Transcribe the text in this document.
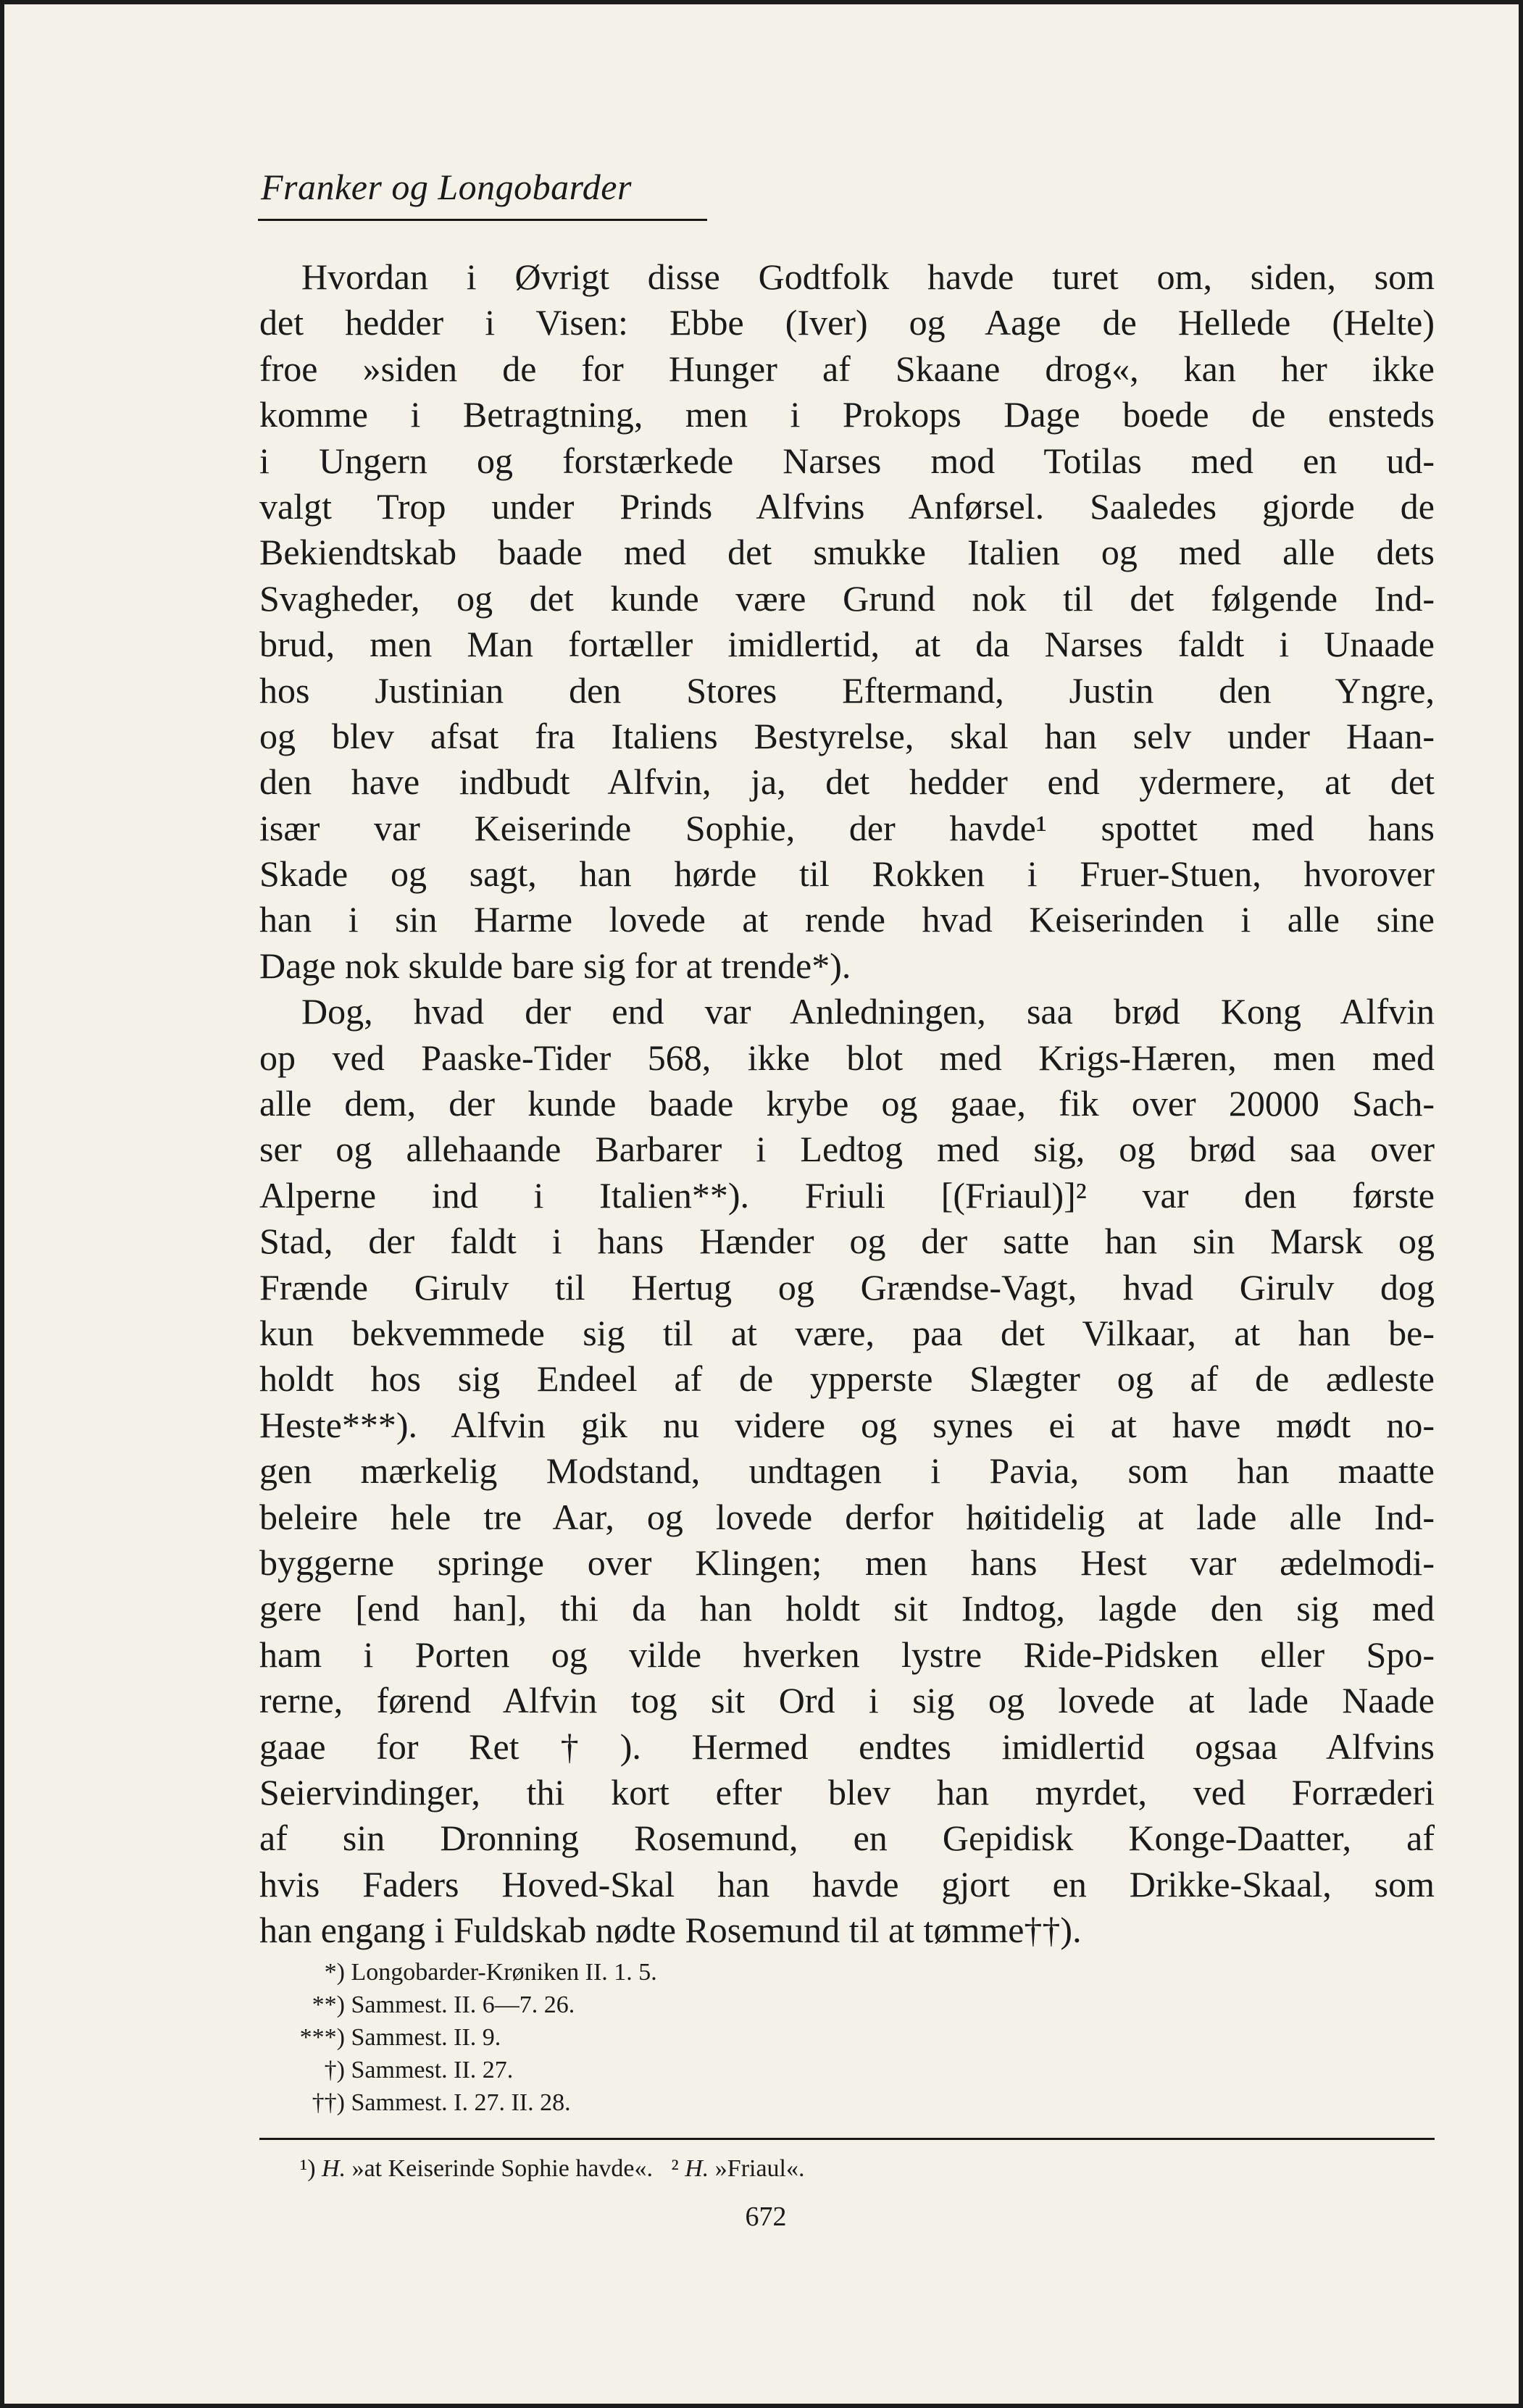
Franker og Longobarder
Hvordan i Øvrigt disse Godtfolk havde turet om, siden, som
det hedder i Visen: Ebbe (Iver) og Aage de Hellede (Helte)
froe »siden de for Hunger af Skaane drog«, kan her ikke
komme i Betragtning, men i Prokops Dage boede de ensteds
i Ungern og forstærkede Narses mod Totilas med en ud-
valgt Trop under Prinds Alfvins Anførsel. Saaledes gjorde de
Bekiendtskab baade med det smukke Italien og med alle dets
Svagheder, og det kunde være Grund nok til det følgende Ind-
brud, men Man fortæller imidlertid, at da Narses faldt i Unaade
hos Justinian den Stores Eftermand, Justin den Yngre,
og blev afsat fra Italiens Bestyrelse, skal han selv under Haan-
den have indbudt Alfvin, ja, det hedder end ydermere, at det
især var Keiserinde Sophie, der havde¹ spottet med hans
Skade og sagt, han hørde til Rokken i Fruer-Stuen, hvorover
han i sin Harme lovede at rende hvad Keiserinden i alle sine
Dage nok skulde bare sig for at trende*).
Dog, hvad der end var Anledningen, saa brød Kong Alfvin
op ved Paaske-Tider 568, ikke blot med Krigs-Hæren, men med
alle dem, der kunde baade krybe og gaae, fik over 20000 Sach-
ser og allehaande Barbarer i Ledtog med sig, og brød saa over
Alperne ind i Italien**). Friuli [(Friaul)]² var den første
Stad, der faldt i hans Hænder og der satte han sin Marsk og
Frænde Girulv til Hertug og Grændse-Vagt, hvad Girulv dog
kun bekvemmede sig til at være, paa det Vilkaar, at han be-
holdt hos sig Endeel af de ypperste Slægter og af de ædleste
Heste***). Alfvin gik nu videre og synes ei at have mødt no-
gen mærkelig Modstand, undtagen i Pavia, som han maatte
beleire hele tre Aar, og lovede derfor høitidelig at lade alle Ind-
byggerne springe over Klingen; men hans Hest var ædelmodi-
gere [end han], thi da han holdt sit Indtog, lagde den sig med
ham i Porten og vilde hverken lystre Ride-Pidsken eller Spo-
rerne, førend Alfvin tog sit Ord i sig og lovede at lade Naade
gaae for Ret†). Hermed endtes imidlertid ogsaa Alfvins
Seiervindinger, thi kort efter blev han myrdet, ved Forræderi
af sin Dronning Rosemund, en Gepidisk Konge-Daatter, af
hvis Faders Hoved-Skal han havde gjort en Drikke-Skaal, som
han engang i Fuldskab nødte Rosemund til at tømme††).
*) Longobarder-Krøniken II. 1. 5.
**) Sammest. II. 6—7. 26.
***) Sammest. II. 9.
†) Sammest. II. 27.
††) Sammest. I. 27. II. 28.
¹) H. »at Keiserinde Sophie havde«. ² H. »Friaul«.
672
